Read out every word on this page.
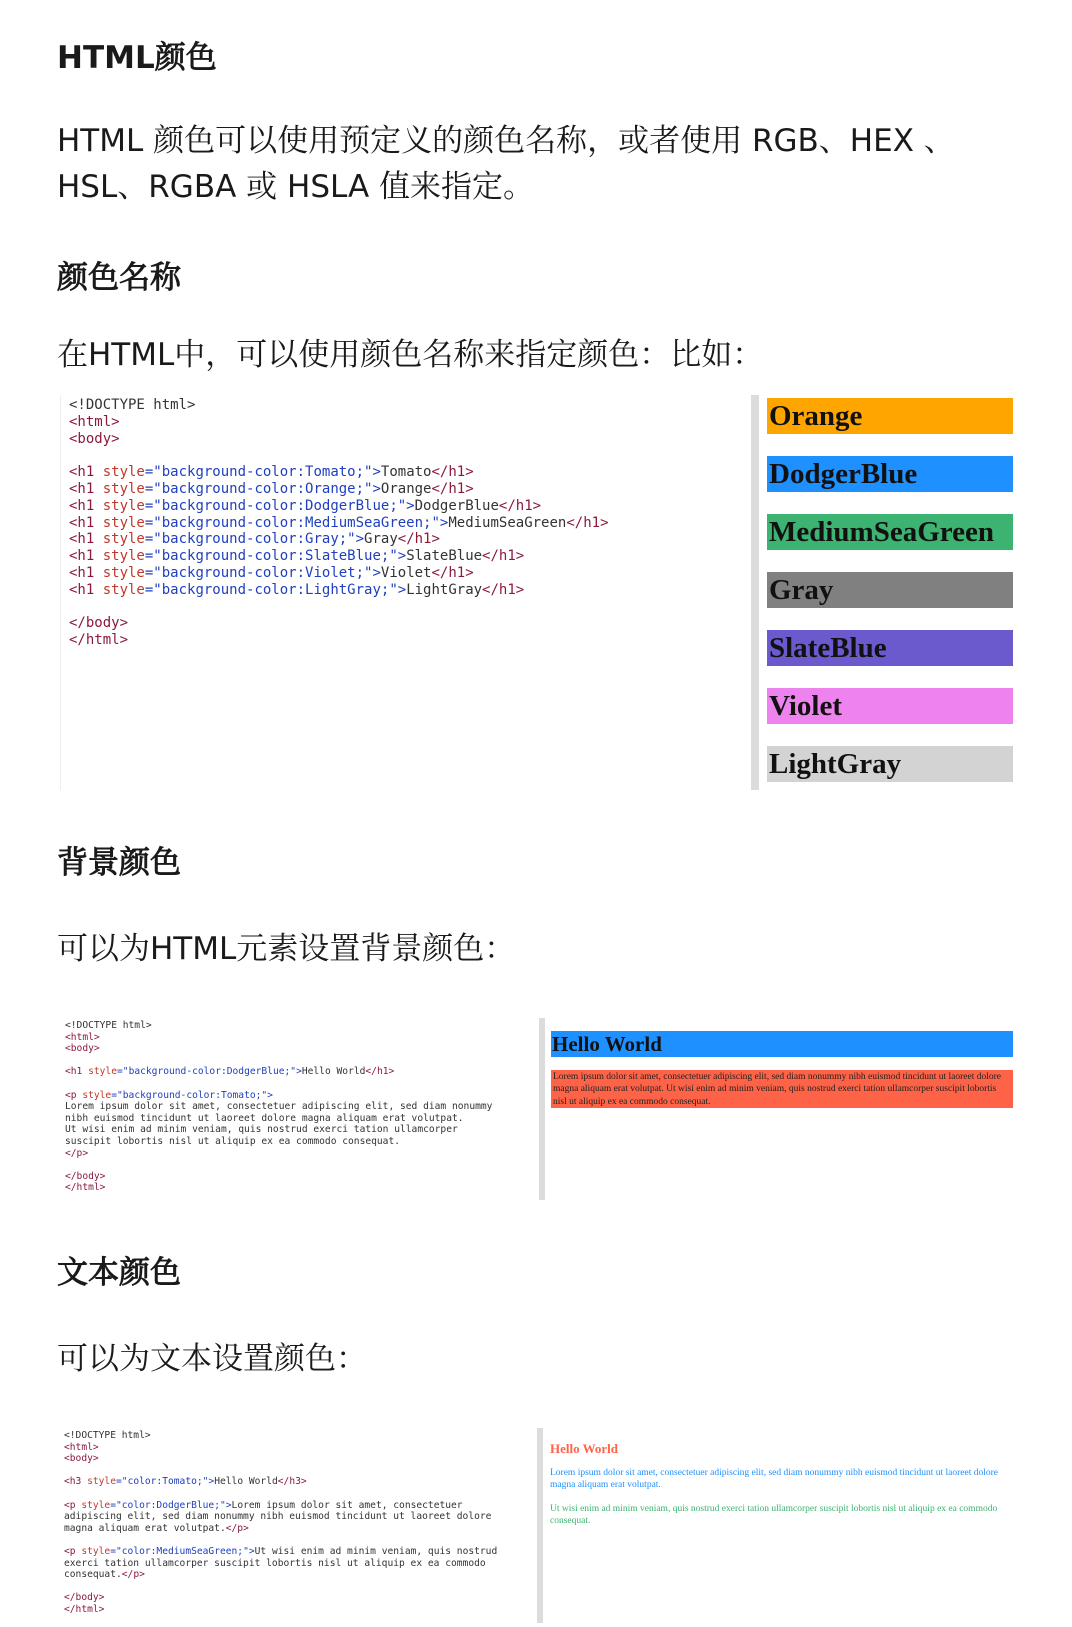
HTML颜色

HTML 颜色可以使用预定义的颜色名称，或者使用 RGB、HEX 、HSL、RGBA 或 HSLA 值来指定。

颜色名称

在HTML中，可以使用颜色名称来指定颜色：比如：

<!DOCTYPE html>
<html>
<body>

<h1 style="background-color:Tomato;">Tomato</h1>
<h1 style="background-color:Orange;">Orange</h1>
<h1 style="background-color:DodgerBlue;">DodgerBlue</h1>
<h1 style="background-color:MediumSeaGreen;">MediumSeaGreen</h1>
<h1 style="background-color:Gray;">Gray</h1>
<h1 style="background-color:SlateBlue;">SlateBlue</h1>
<h1 style="background-color:Violet;">Violet</h1>
<h1 style="background-color:LightGray;">LightGray</h1>

</body>
</html>
Orange
DodgerBlue
MediumSeaGreen
Gray
SlateBlue
Violet
LightGray
背景颜色

可以为HTML元素设置背景颜色：

<!DOCTYPE html>
<html>
<body>

<h1 style="background-color:DodgerBlue;">Hello World</h1>

<p style="background-color:Tomato;">
Lorem ipsum dolor sit amet, consectetuer adipiscing elit, sed diam nonummy
nibh euismod tincidunt ut laoreet dolore magna aliquam erat volutpat.
Ut wisi enim ad minim veniam, quis nostrud exerci tation ullamcorper
suscipit lobortis nisl ut aliquip ex ea commodo consequat.
</p>

</body>
</html>
Hello World
Lorem ipsum dolor sit amet, consectetuer adipiscing elit, sed diam nonummy nibh euismod tincidunt ut laoreet dolore magna aliquam erat volutpat. Ut wisi enim ad minim veniam, quis nostrud exerci tation ullamcorper suscipit lobortis nisl ut aliquip ex ea commodo consequat.
文本颜色

可以为文本设置颜色：

<!DOCTYPE html>
<html>
<body>

<h3 style="color:Tomato;">Hello World</h3>

<p style="color:DodgerBlue;">Lorem ipsum dolor sit amet, consectetuer
adipiscing elit, sed diam nonummy nibh euismod tincidunt ut laoreet dolore
magna aliquam erat volutpat.</p>

<p style="color:MediumSeaGreen;">Ut wisi enim ad minim veniam, quis nostrud
exerci tation ullamcorper suscipit lobortis nisl ut aliquip ex ea commodo
consequat.</p>

</body>
</html>
Hello World
Lorem ipsum dolor sit amet, consectetuer adipiscing elit, sed diam nonummy nibh euismod tincidunt ut laoreet dolore magna aliquam erat volutpat.
Ut wisi enim ad minim veniam, quis nostrud exerci tation ullamcorper suscipit lobortis nisl ut aliquip ex ea commodo consequat.
